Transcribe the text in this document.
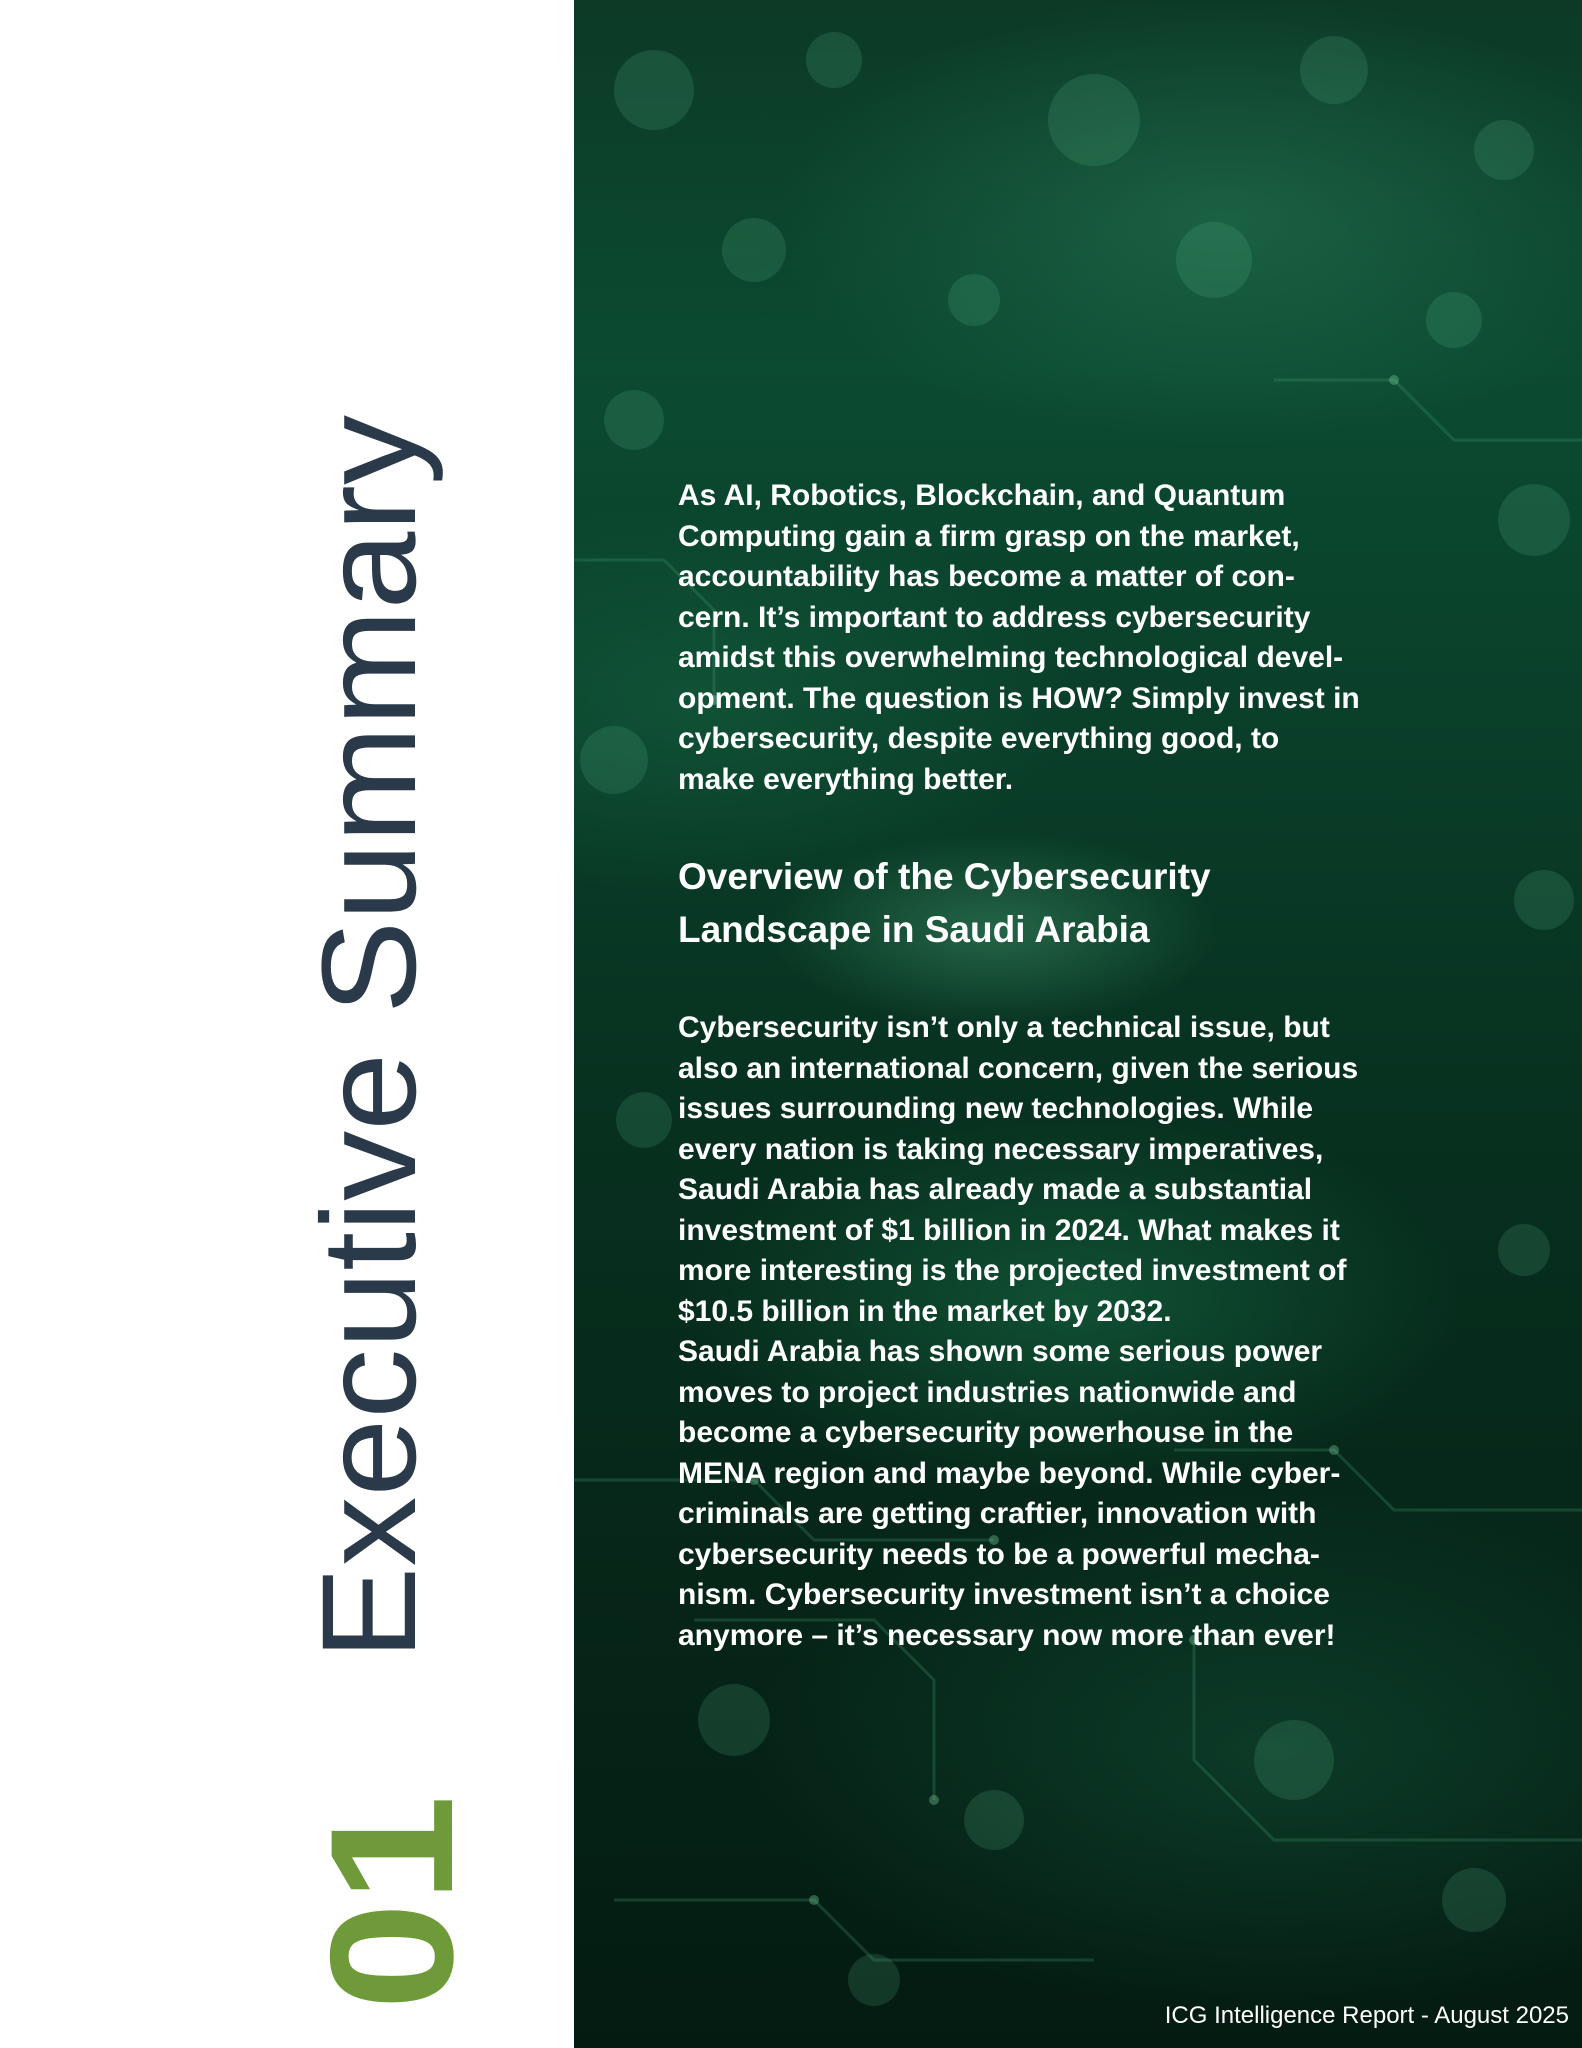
Executive Summary
01

As AI, Robotics, Blockchain, and Quantum
Computing gain a firm grasp on the market,
accountability has become a matter of con-
cern. It’s important to address cybersecurity
amidst this overwhelming technological devel-
opment. The question is HOW? Simply invest in
cybersecurity, despite everything good, to
make everything better.

Overview of the Cybersecurity
Landscape in Saudi Arabia

Cybersecurity isn’t only a technical issue, but
also an international concern, given the serious
issues surrounding new technologies. While
every nation is taking necessary imperatives,
Saudi Arabia has already made a substantial
investment of $1 billion in 2024. What makes it
more interesting is the projected investment of
$10.5 billion in the market by 2032.

Saudi Arabia has shown some serious power
moves to project industries nationwide and
become a cybersecurity powerhouse in the
MENA region and maybe beyond. While cyber-
criminals are getting craftier, innovation with
cybersecurity needs to be a powerful mecha-
nism. Cybersecurity investment isn’t a choice
anymore – it’s necessary now more than ever!

ICG Intelligence Report - August 2025
